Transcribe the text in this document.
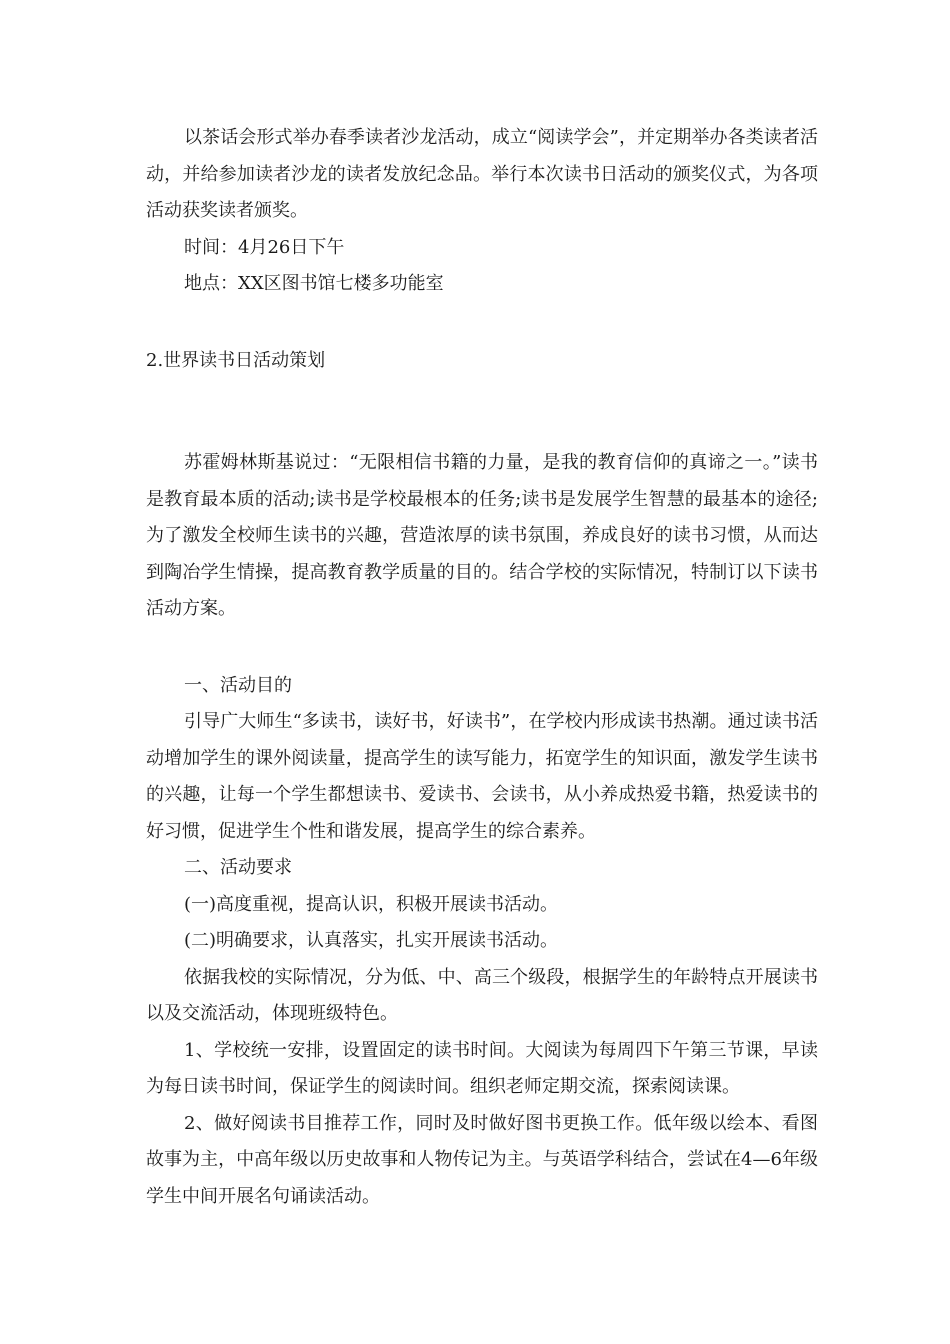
以茶话会形式举办春季读者沙龙活动，成立“阅读学会”，并定期举办各类读者活动，并给参加读者沙龙的读者发放纪念品。举行本次读书日活动的颁奖仪式，为各项活动获奖读者颁奖。

时间：4月26日下午

地点：XX区图书馆七楼多功能室

2.世界读书日活动策划

苏霍姆林斯基说过：“无限相信书籍的力量，是我的教育信仰的真谛之一。”读书是教育最本质的活动;读书是学校最根本的任务;读书是发展学生智慧的最基本的途径;为了激发全校师生读书的兴趣，营造浓厚的读书氛围，养成良好的读书习惯，从而达到陶冶学生情操，提高教育教学质量的目的。结合学校的实际情况，特制订以下读书活动方案。

一、活动目的

引导广大师生“多读书，读好书，好读书”，在学校内形成读书热潮。通过读书活动增加学生的课外阅读量，提高学生的读写能力，拓宽学生的知识面，激发学生读书的兴趣，让每一个学生都想读书、爱读书、会读书，从小养成热爱书籍，热爱读书的好习惯，促进学生个性和谐发展，提高学生的综合素养。

二、活动要求

(一)高度重视，提高认识，积极开展读书活动。

(二)明确要求，认真落实，扎实开展读书活动。

依据我校的实际情况，分为低、中、高三个级段，根据学生的年龄特点开展读书以及交流活动，体现班级特色。

1、学校统一安排，设置固定的读书时间。大阅读为每周四下午第三节课，早读为每日读书时间，保证学生的阅读时间。组织老师定期交流，探索阅读课。

2、做好阅读书目推荐工作，同时及时做好图书更换工作。低年级以绘本、看图故事为主，中高年级以历史故事和人物传记为主。与英语学科结合，尝试在4—6年级学生中间开展名句诵读活动。
